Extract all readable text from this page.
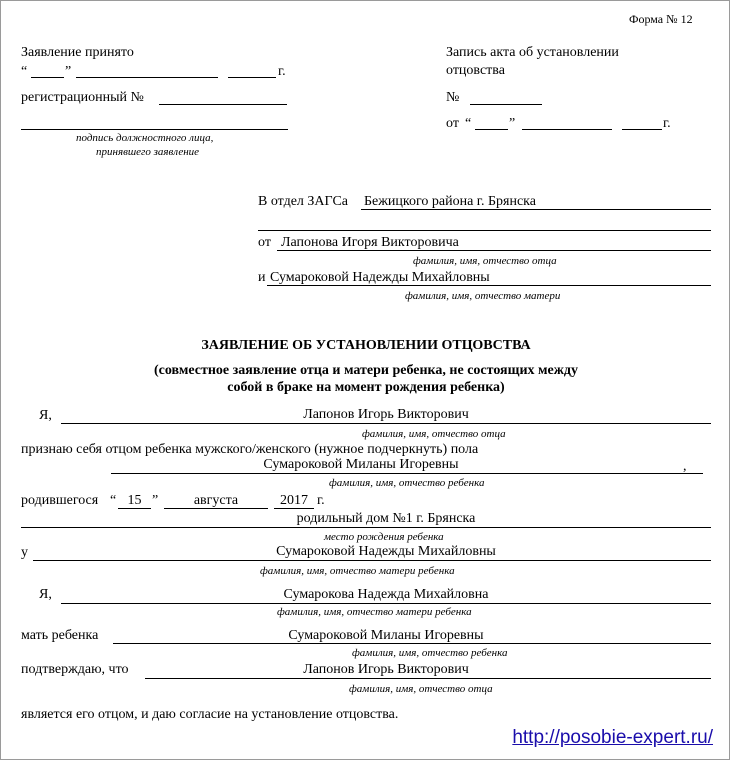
Форма № 12
Заявление принято
“	”	г.
регистрационный №
подпись должностного лица,
принявшего заявление
Запись акта об установлении
отцовства
№
от “	”	г.
В отдел ЗАГСа Бежицкого района г. Брянска
от Лапонова Игоря Викторовича
фамилия, имя, отчество отца
и Сумароковой Надежды Михайловны
фамилия, имя, отчество матери
ЗАЯВЛЕНИЕ ОБ УСТАНОВЛЕНИИ ОТЦОВСТВА
(совместное заявление отца и матери ребенка, не состоящих между
собой в браке на момент рождения ребенка)
Я,	Лапонов Игорь Викторович
фамилия, имя, отчество отца
признаю себя отцом ребенка мужского/женского (нужное подчеркнуть) пола
Сумароковой Миланы Игоревны	,
фамилия, имя, отчество ребенка
родившегося “ 15 ”	августа	2017 г.
родильный дом №1 г. Брянска
место рождения ребенка
у	Сумароковой Надежды Михайловны
фамилия, имя, отчество матери ребенка
Я,	Сумарокова Надежда Михайловна
фамилия, имя, отчество матери ребенка
мать ребенка	Сумароковой Миланы Игоревны
фамилия, имя, отчество ребенка
подтверждаю, что	Лапонов Игорь Викторович
фамилия, имя, отчество отца
является его отцом, и даю согласие на установление отцовства.
http://posobie-expert.ru/
